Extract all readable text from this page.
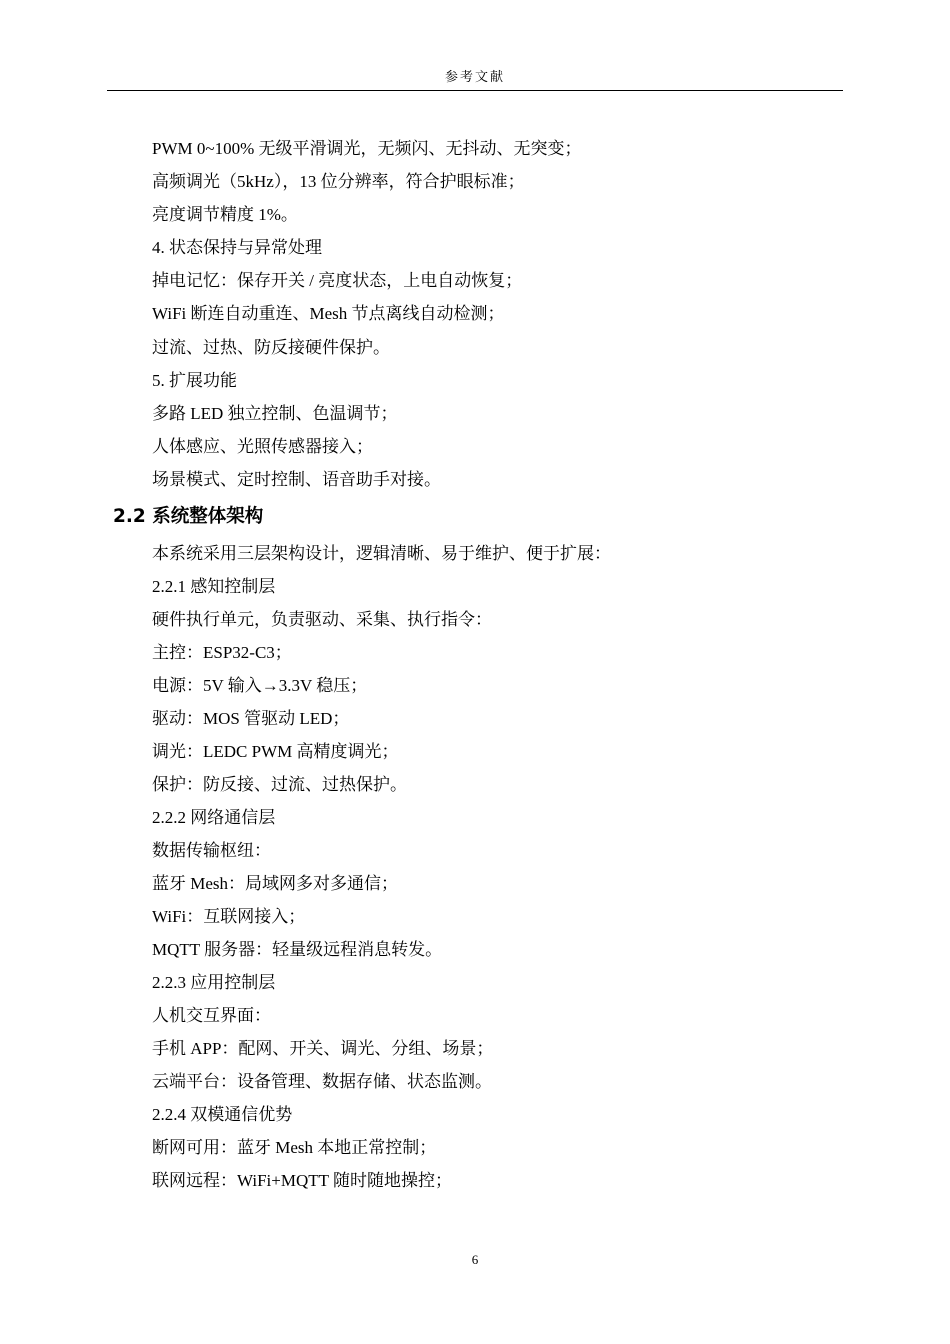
参考文献
PWM 0~100% 无级平滑调光，无频闪、无抖动、无突变；
高频调光（5kHz），13 位分辨率，符合护眼标准；
亮度调节精度 1%。
4. 状态保持与异常处理
掉电记忆：保存开关 / 亮度状态，上电自动恢复；
WiFi 断连自动重连、Mesh 节点离线自动检测；
过流、过热、防反接硬件保护。
5. 扩展功能
多路 LED 独立控制、色温调节；
人体感应、光照传感器接入；
场景模式、定时控制、语音助手对接。
2.2 系统整体架构
本系统采用三层架构设计，逻辑清晰、易于维护、便于扩展：
2.2.1 感知控制层
硬件执行单元，负责驱动、采集、执行指令：
主控：ESP32-C3；
电源：5V 输入→3.3V 稳压；
驱动：MOS 管驱动 LED；
调光：LEDC PWM 高精度调光；
保护：防反接、过流、过热保护。
2.2.2 网络通信层
数据传输枢纽：
蓝牙 Mesh：局域网多对多通信；
WiFi：互联网接入；
MQTT 服务器：轻量级远程消息转发。
2.2.3 应用控制层
人机交互界面：
手机 APP：配网、开关、调光、分组、场景；
云端平台：设备管理、数据存储、状态监测。
2.2.4 双模通信优势
断网可用：蓝牙 Mesh 本地正常控制；
联网远程：WiFi+MQTT 随时随地操控；
6
